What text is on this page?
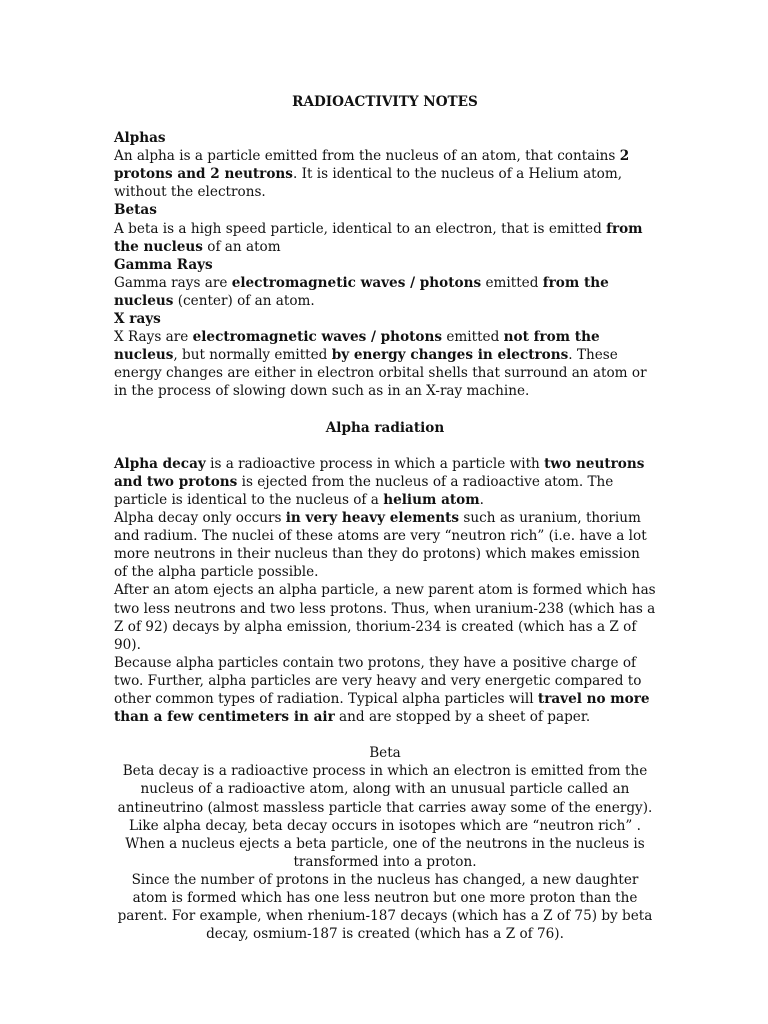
RADIOACTIVITY NOTES

Alphas

An alpha is a particle emitted from the nucleus of an atom, that contains 2 protons and 2 neutrons. It is identical to the nucleus of a Helium atom, without the electrons.

Betas

A beta is a high speed particle, identical to an electron, that is emitted from the nucleus of an atom

Gamma Rays

Gamma rays are electromagnetic waves / photons emitted from the nucleus (center) of an atom.

X rays

X Rays are electromagnetic waves / photons emitted not from the nucleus, but normally emitted by energy changes in electrons. These energy changes are either in electron orbital shells that surround an atom or in the process of slowing down such as in an X-ray machine.

Alpha radiation

Alpha decay is a radioactive process in which a particle with two neutrons and two protons is ejected from the nucleus of a radioactive atom. The particle is identical to the nucleus of a helium atom.

Alpha decay only occurs in very heavy elements such as uranium, thorium and radium. The nuclei of these atoms are very “neutron rich” (i.e. have a lot more neutrons in their nucleus than they do protons) which makes emission of the alpha particle possible.

After an atom ejects an alpha particle, a new parent atom is formed which has two less neutrons and two less protons. Thus, when uranium-238 (which has a Z of 92) decays by alpha emission, thorium-234 is created (which has a Z of 90).

Because alpha particles contain two protons, they have a positive charge of two. Further, alpha particles are very heavy and very energetic compared to other common types of radiation. Typical alpha particles will travel no more than a few centimeters in air and are stopped by a sheet of paper.

Beta

Beta decay is a radioactive process in which an electron is emitted from the nucleus of a radioactive atom, along with an unusual particle called an antineutrino (almost massless particle that carries away some of the energy).

Like alpha decay, beta decay occurs in isotopes which are “neutron rich” .

When a nucleus ejects a beta particle, one of the neutrons in the nucleus is transformed into a proton.

Since the number of protons in the nucleus has changed, a new daughter atom is formed which has one less neutron but one more proton than the parent. For example, when rhenium-187 decays (which has a Z of 75) by beta decay, osmium-187 is created (which has a Z of 76).
